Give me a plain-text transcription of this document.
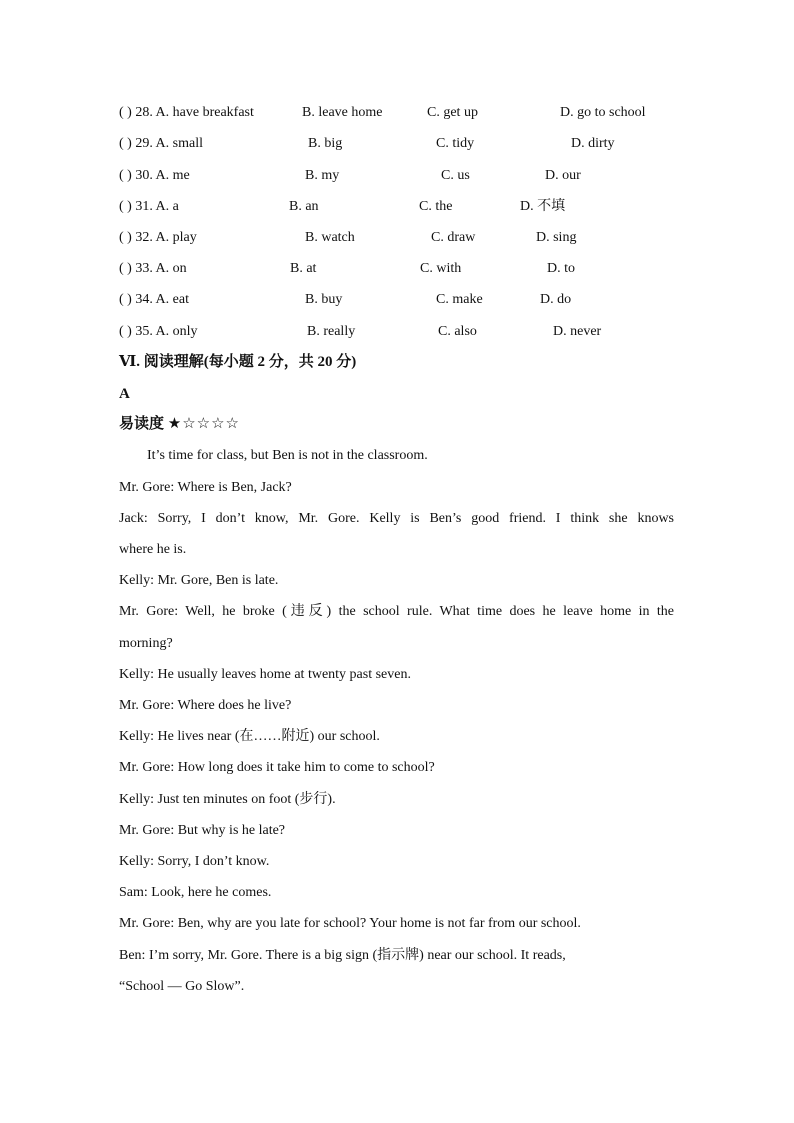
( ) 28. A. have breakfast	B. leave home	C. get up	D. go to school
( ) 29. A. small	B. big	C. tidy	D. dirty
( ) 30. A. me	B. my	C. us	D. our
( ) 31. A. a	B. an	C. the	D. 不填
( ) 32. A. play	B. watch	C. draw	D. sing
( ) 33. A. on	B. at	C. with	D. to
( ) 34. A. eat	B. buy	C. make	D. do
( ) 35. A. only	B. really	C. also	D. never
Ⅵ. 阅读理解(每小题 2 分，共 20 分)
A
易读度 ★☆☆☆☆
It’s time for class, but Ben is not in the classroom.
Mr. Gore: Where is Ben, Jack?
Jack: Sorry, I don’t know, Mr. Gore. Kelly is Ben’s good friend. I think she knows
where he is.
Kelly: Mr. Gore, Ben is late.
Mr. Gore: Well, he broke (违反) the school rule. What time does he leave home in the
morning?
Kelly: He usually leaves home at twenty past seven.
Mr. Gore: Where does he live?
Kelly: He lives near (在……附近) our school.
Mr. Gore: How long does it take him to come to school?
Kelly: Just ten minutes on foot (步行).
Mr. Gore: But why is he late?
Kelly: Sorry, I don’t know.
Sam: Look, here he comes.
Mr. Gore: Ben, why are you late for school? Your home is not far from our school.
Ben: I’m sorry, Mr. Gore. There is a big sign (指示牌) near our school. It reads,
“School — Go Slow”.
